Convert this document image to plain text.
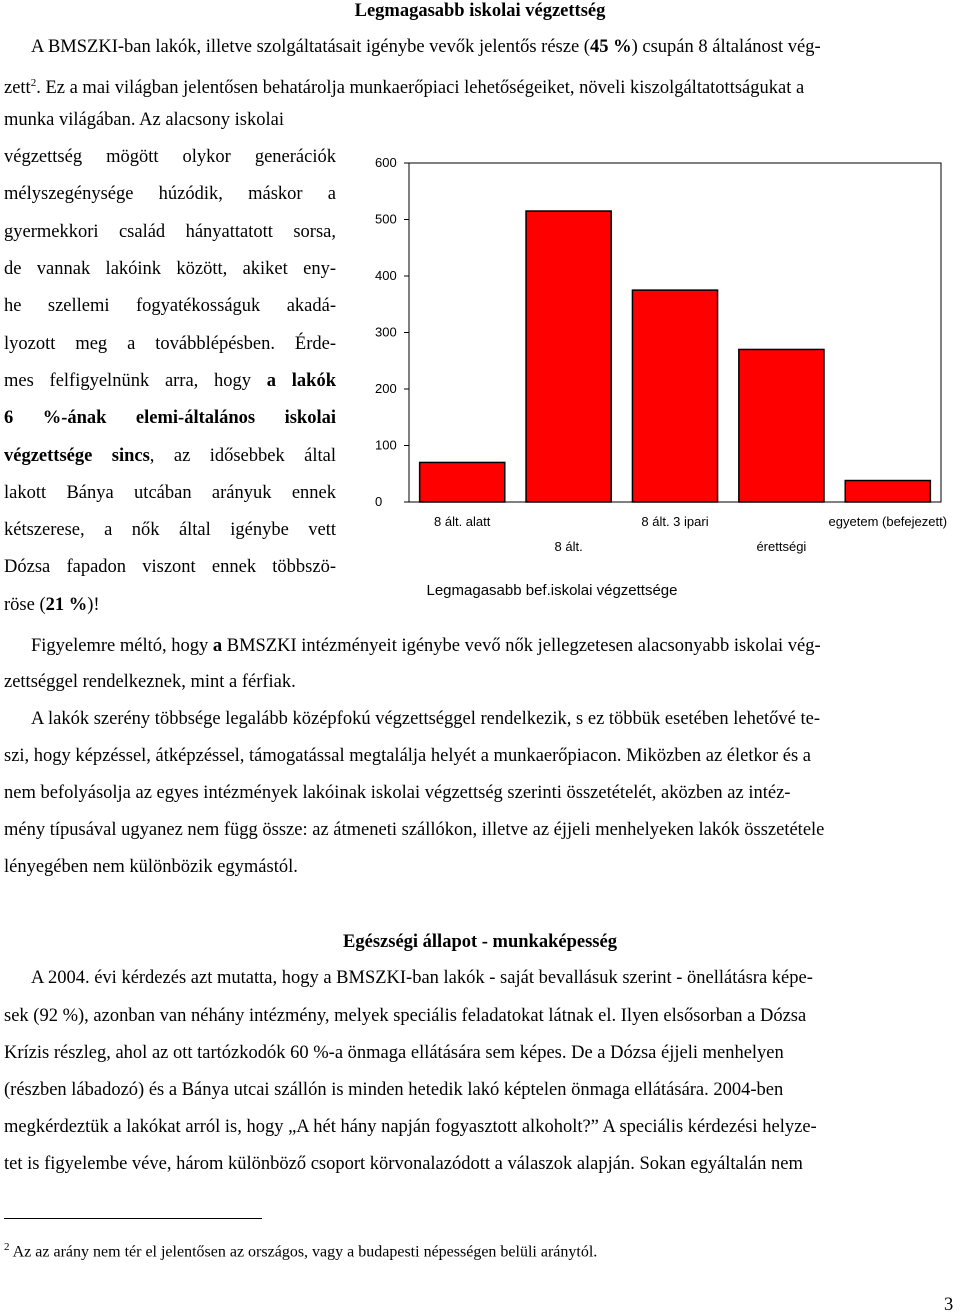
Legmagasabb iskolai végzettség
A BMSZKI-ban lakók, illetve szolgáltatásait igénybe vevők jelentős része (45 %) csupán 8 általánost vég-
zett$^2$. Ez a mai világban jelentősen behatárolja munkaerőpiaci lehetőségeiket, növeli kiszolgáltatottságukat a
munka világában. Az alacsony iskolai
végzettség mögött olykor generációk
mélyszegénysége húzódik, máskor a
gyermekkori család hányattatott sorsa,
de vannak lakóink között, akiket eny-
he szellemi fogyatékosságuk akadá-
lyozott meg a továbblépésben. Érde-
mes felfigyelnünk arra, hogy a lakók
6 %-ának elemi-általános iskolai
végzettsége sincs, az idősebbek által
lakott Bánya utcában arányuk ennek
kétszerese, a nők által igénybe vett
Dózsa fapadon viszont ennek többszö-
röse (21 %)!
0
100
200
300
400
500
600
8 ált. alatt
8 ált.
8 ált. 3 ipari
érettségi
egyetem (befejezett)
Legmagasabb bef.iskolai végzettsége
Figyelemre méltó, hogy a BMSZKI intézményeit igénybe vevő nők jellegzetesen alacsonyabb iskolai vég-
zettséggel rendelkeznek, mint a férfiak.
A lakók szerény többsége legalább középfokú végzettséggel rendelkezik, s ez többük esetében lehetővé te-
szi, hogy képzéssel, átképzéssel, támogatással megtalálja helyét a munkaerőpiacon. Miközben az életkor és a
nem befolyásolja az egyes intézmények lakóinak iskolai végzettség szerinti összetételét, aközben az intéz-
mény típusával ugyanez nem függ össze: az átmeneti szállókon, illetve az éjjeli menhelyeken lakók összetétele
lényegében nem különbözik egymástól.
Egészségi állapot - munkaképesség
A 2004. évi kérdezés azt mutatta, hogy a BMSZKI-ban lakók - saját bevallásuk szerint - önellátásra képe-
sek (92 %), azonban van néhány intézmény, melyek speciális feladatokat látnak el. Ilyen elsősorban a Dózsa
Krízis részleg, ahol az ott tartózkodók 60 %-a önmaga ellátására sem képes. De a Dózsa éjjeli menhelyen
(részben lábadozó) és a Bánya utcai szállón is minden hetedik lakó képtelen önmaga ellátására. 2004-ben
megkérdeztük a lakókat arról is, hogy „A hét hány napján fogyasztott alkoholt?” A speciális kérdezési helyze-
tet is figyelembe véve, három különböző csoport körvonalazódott a válaszok alapján. Sokan egyáltalán nem
$^2$ Az az arány nem tér el jelentősen az országos, vagy a budapesti népességen belüli aránytól.
3
